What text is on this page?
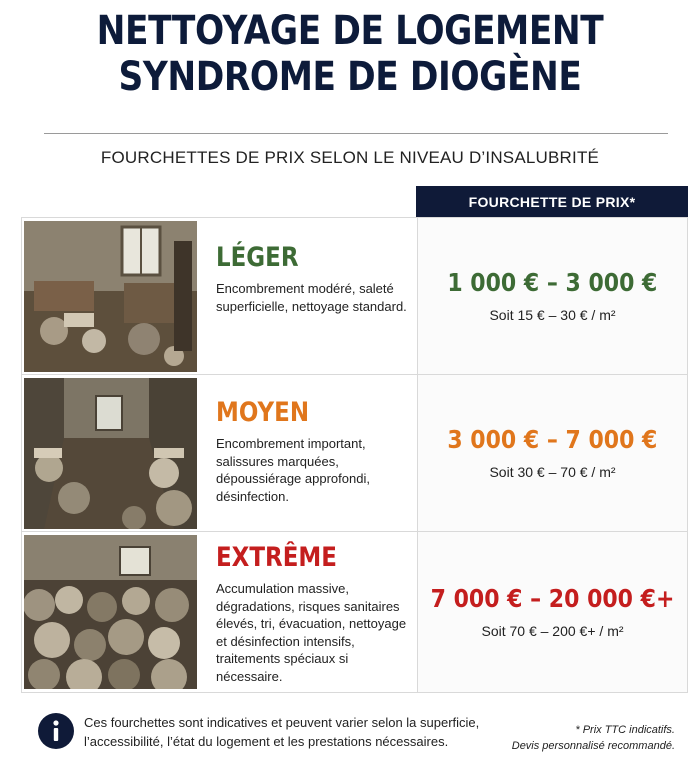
NETTOYAGE DE LOGEMENT
SYNDROME DE DIOGÈNE
FOURCHETTES DE PRIX SELON LE NIVEAU D’INSALUBRITÉ
FOURCHETTE DE PRIX*
LÉGER
Encombrement modéré, saleté superficielle, nettoyage standard.
1 000 € – 3 000 €
Soit 15 € – 30 € / m²
MOYEN
Encombrement important, salissures marquées, dépoussiérage approfondi, désinfection.
3 000 € – 7 000 €
Soit 30 € – 70 € / m²
EXTRÊME
Accumulation massive, dégradations, risques sanitaires élevés, tri, évacuation, nettoyage et désinfection intensifs, traitements spéciaux si nécessaire.
7 000 € – 20 000 €+
Soit 70 € – 200 €+ / m²
Ces fourchettes sont indicatives et peuvent varier selon la superficie, l’accessibilité, l’état du logement et les prestations nécessaires.
* Prix TTC indicatifs.
Devis personnalisé recommandé.
